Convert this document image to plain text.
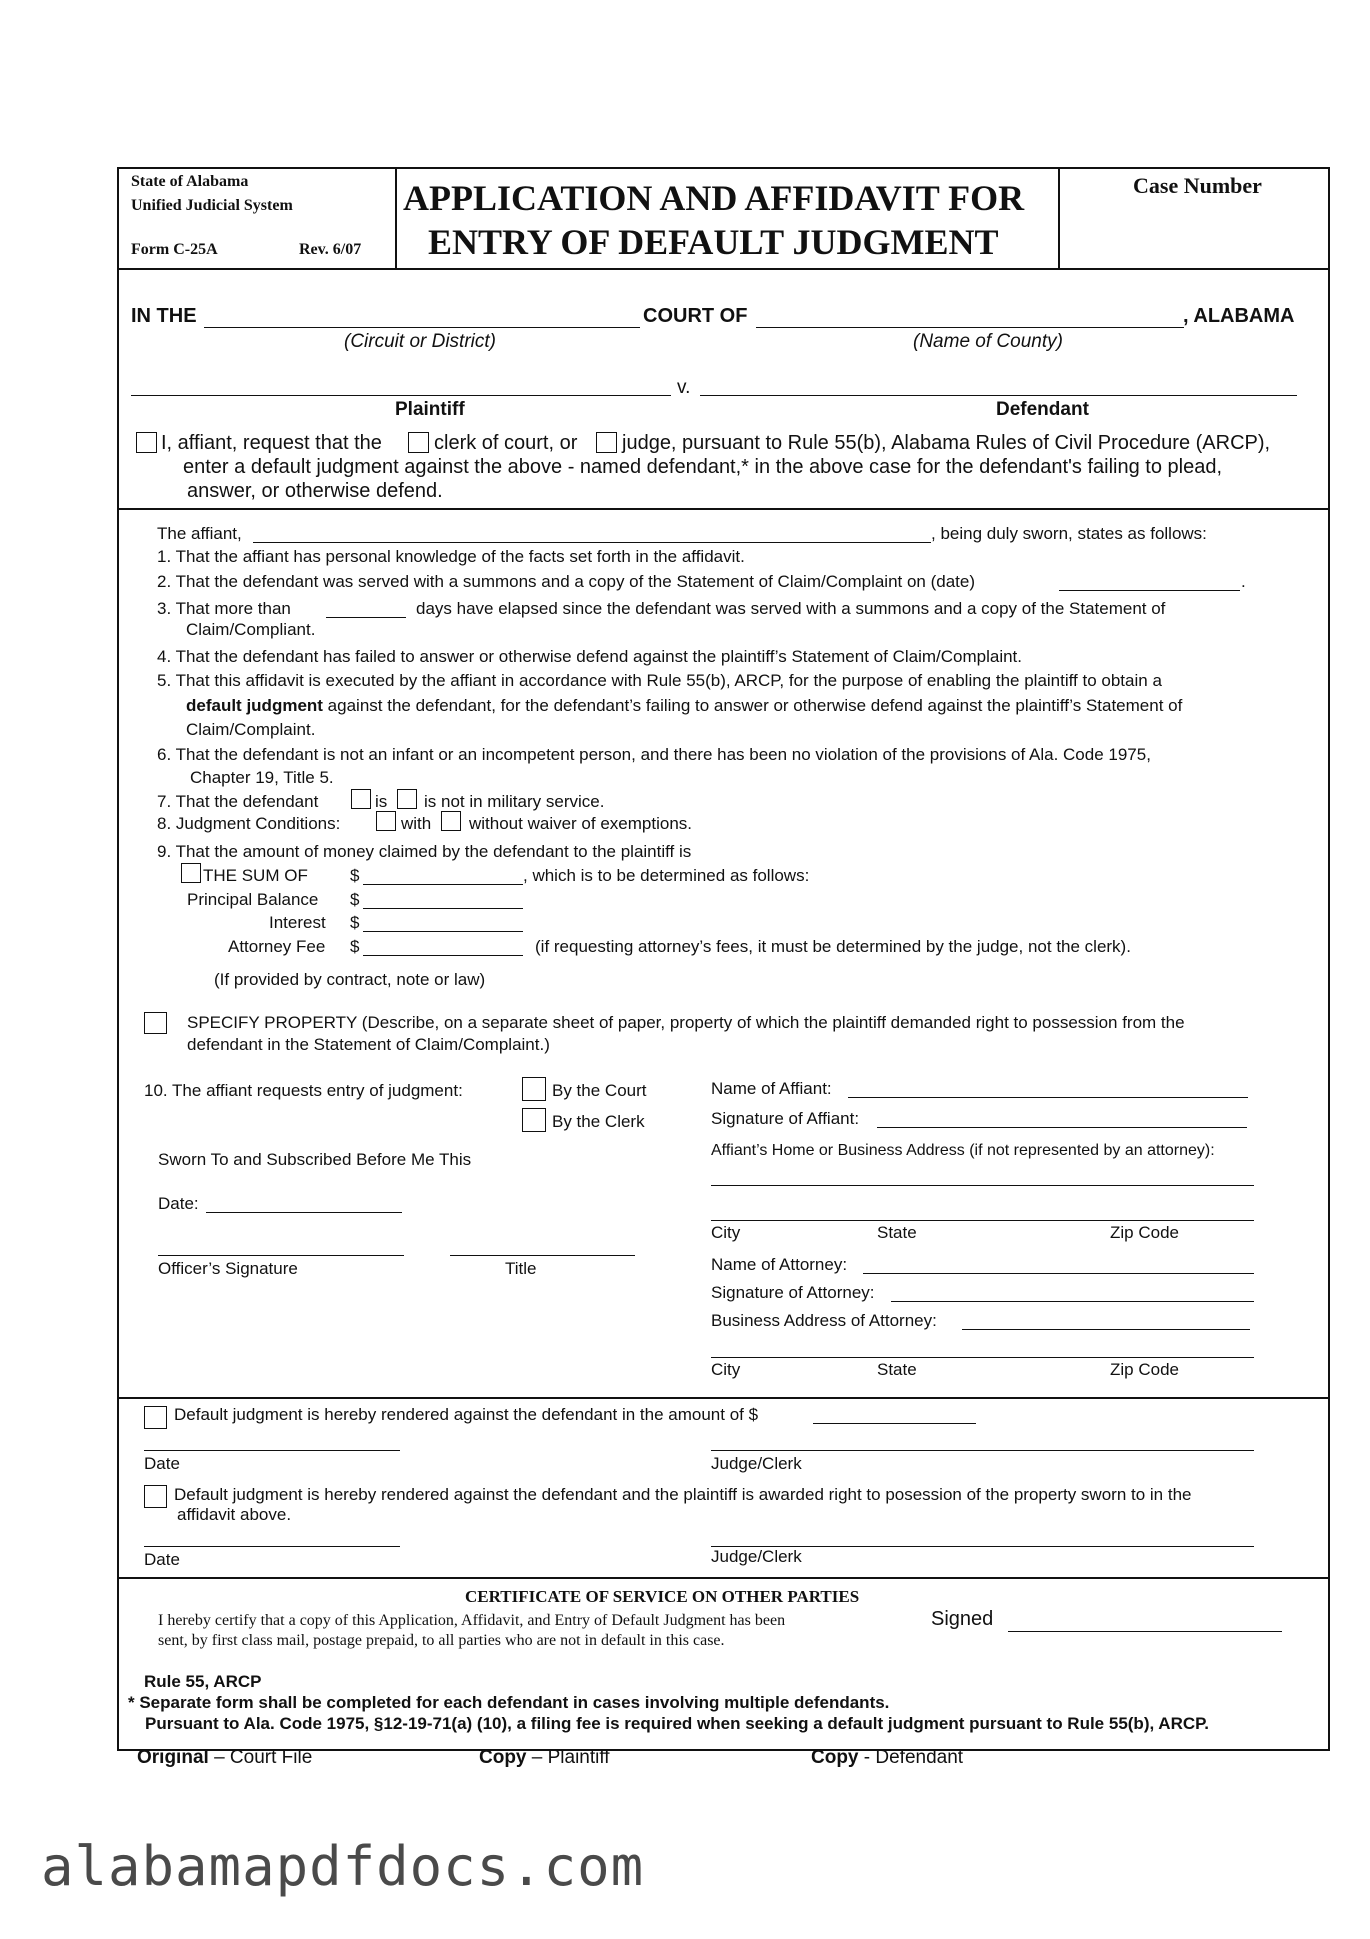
State of Alabama
Unified Judicial System
Form C-25A	Rev. 6/07
APPLICATION AND AFFIDAVIT FOR
ENTRY OF DEFAULT JUDGMENT
Case Number
IN THE	COURT OF	, ALABAMA
(Circuit or District)	(Name of County)
v.
Plaintiff	Defendant
I, affiant, request that the	clerk of court, or judge, pursuant to Rule 55(b), Alabama Rules of Civil Procedure (ARCP),
enter a default judgment against the above - named defendant,* in the above case for the defendant's failing to plead,
answer, or otherwise defend.
The affiant,	, being duly sworn, states as follows:
1. That the affiant has personal knowledge of the facts set forth in the affidavit.
2. That the defendant was served with a summons and a copy of the Statement of Claim/Complaint on (date)	.
3. That more than	days have elapsed since the defendant was served with a summons and a copy of the Statement of
Claim/Compliant.
4. That the defendant has failed to answer or otherwise defend against the plaintiff’s Statement of Claim/Complaint.
5. That this affidavit is executed by the affiant in accordance with Rule 55(b), ARCP, for the purpose of enabling the plaintiff to obtain a
default judgment against the defendant, for the defendant’s failing to answer or otherwise defend against the plaintiff’s Statement of
Claim/Complaint.
6. That the defendant is not an infant or an incompetent person, and there has been no violation of the provisions of Ala. Code 1975,
Chapter 19, Title 5.
7. That the defendant	is is not in military service.
8. Judgment Conditions:	with without waiver of exemptions.
9. That the amount of money claimed by the defendant to the plaintiff is
THE SUM OF $	, which is to be determined as follows:
Principal Balance $
Interest $
Attorney Fee $	(if requesting attorney’s fees, it must be determined by the judge, not the clerk).
(If provided by contract, note or law)
SPECIFY PROPERTY (Describe, on a separate sheet of paper, property of which the plaintiff demanded right to possession from the
defendant in the Statement of Claim/Complaint.)
10. The affiant requests entry of judgment:	By the Court
By the Clerk
Sworn To and Subscribed Before Me This
Date:
Officer’s Signature	Title
Name of Affiant:
Signature of Affiant:
Affiant’s Home or Business Address (if not represented by an attorney):
City	State	Zip Code
Name of Attorney:
Signature of Attorney:
Business Address of Attorney:
City	State	Zip Code
Default judgment is hereby rendered against the defendant in the amount of $
Date	Judge/Clerk
Default judgment is hereby rendered against the defendant and the plaintiff is awarded right to posession of the property sworn to in the
affidavit above.
Date	Judge/Clerk
CERTIFICATE OF SERVICE ON OTHER PARTIES
I hereby certify that a copy of this Application, Affidavit, and Entry of Default Judgment has been
sent, by first class mail, postage prepaid, to all parties who are not in default in this case.
Signed
Rule 55, ARCP
* Separate form shall be completed for each defendant in cases involving multiple defendants.
Pursuant to Ala. Code 1975, §12-19-71(a) (10), a filing fee is required when seeking a default judgment pursuant to Rule 55(b), ARCP.
Original – Court File	Copy – Plaintiff	Copy - Defendant
alabamapdfdocs.com
